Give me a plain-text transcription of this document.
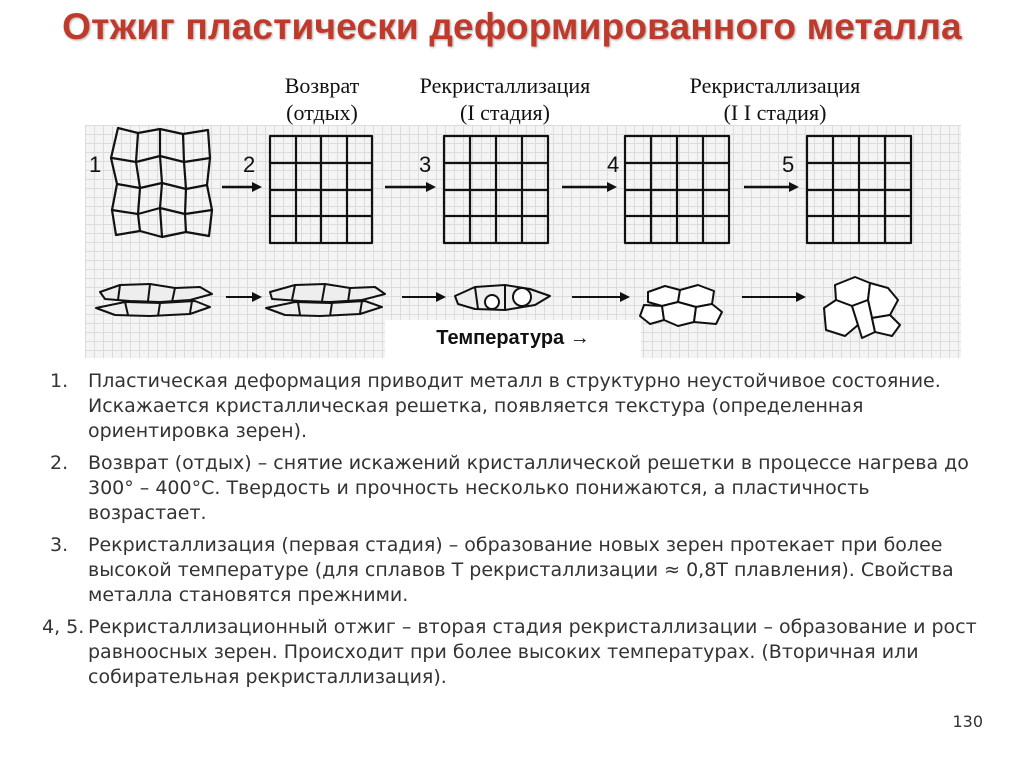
Отжиг пластически деформированного металла
Возврат
(отдых)
Рекристаллизация
(I стадия)
Рекристаллизация
(I I стадия)
1	2	3	4	5
Температура →
1. Пластическая деформация приводит металл в структурно неустойчивое состояние. Искажается кристаллическая решетка, появляется текстура (определенная ориентировка зерен).
2. Возврат (отдых) – снятие искажений кристаллической решетки в процессе нагрева до 300° – 400°С. Твердость и прочность несколько понижаются, а пластичность возрастает.
3. Рекристаллизация (первая стадия) – образование новых зерен протекает при более высокой температуре (для сплавов Т рекристаллизации ≈ 0,8Т плавления). Свойства металла становятся прежними.
4, 5. Рекристаллизационный отжиг – вторая стадия рекристаллизации – образование и рост равноосных зерен. Происходит при более высоких температурах. (Вторичная или собирательная рекристаллизация).
130
